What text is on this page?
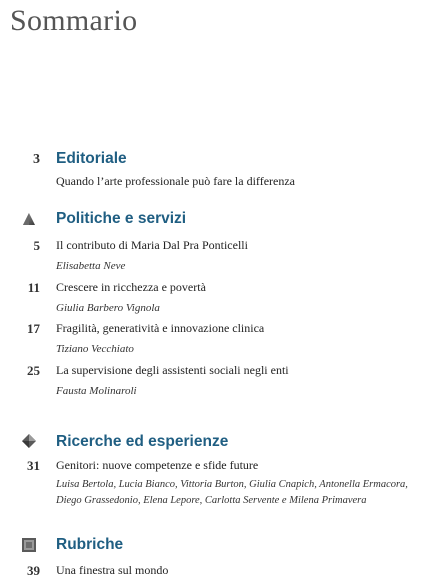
Sommario
3 Editoriale
Quando l’arte professionale può fare la differenza
Politiche e servizi
5 Il contributo di Maria Dal Pra Ponticelli
Elisabetta Neve
11 Crescere in ricchezza e povertà
Giulia Barbero Vignola
17 Fragilità, generatività e innovazione clinica
Tiziano Vecchiato
25 La supervisione degli assistenti sociali negli enti
Fausta Molinaroli
Ricerche ed esperienze
31 Genitori: nuove competenze e sfide future
Luisa Bertola, Lucia Bianco, Vittoria Burton, Giulia Cnapich, Antonella Ermacora,
Diego Grassedonio, Elena Lepore, Carlotta Servente e Milena Primavera
Rubriche
39 Una finestra sul mondo
